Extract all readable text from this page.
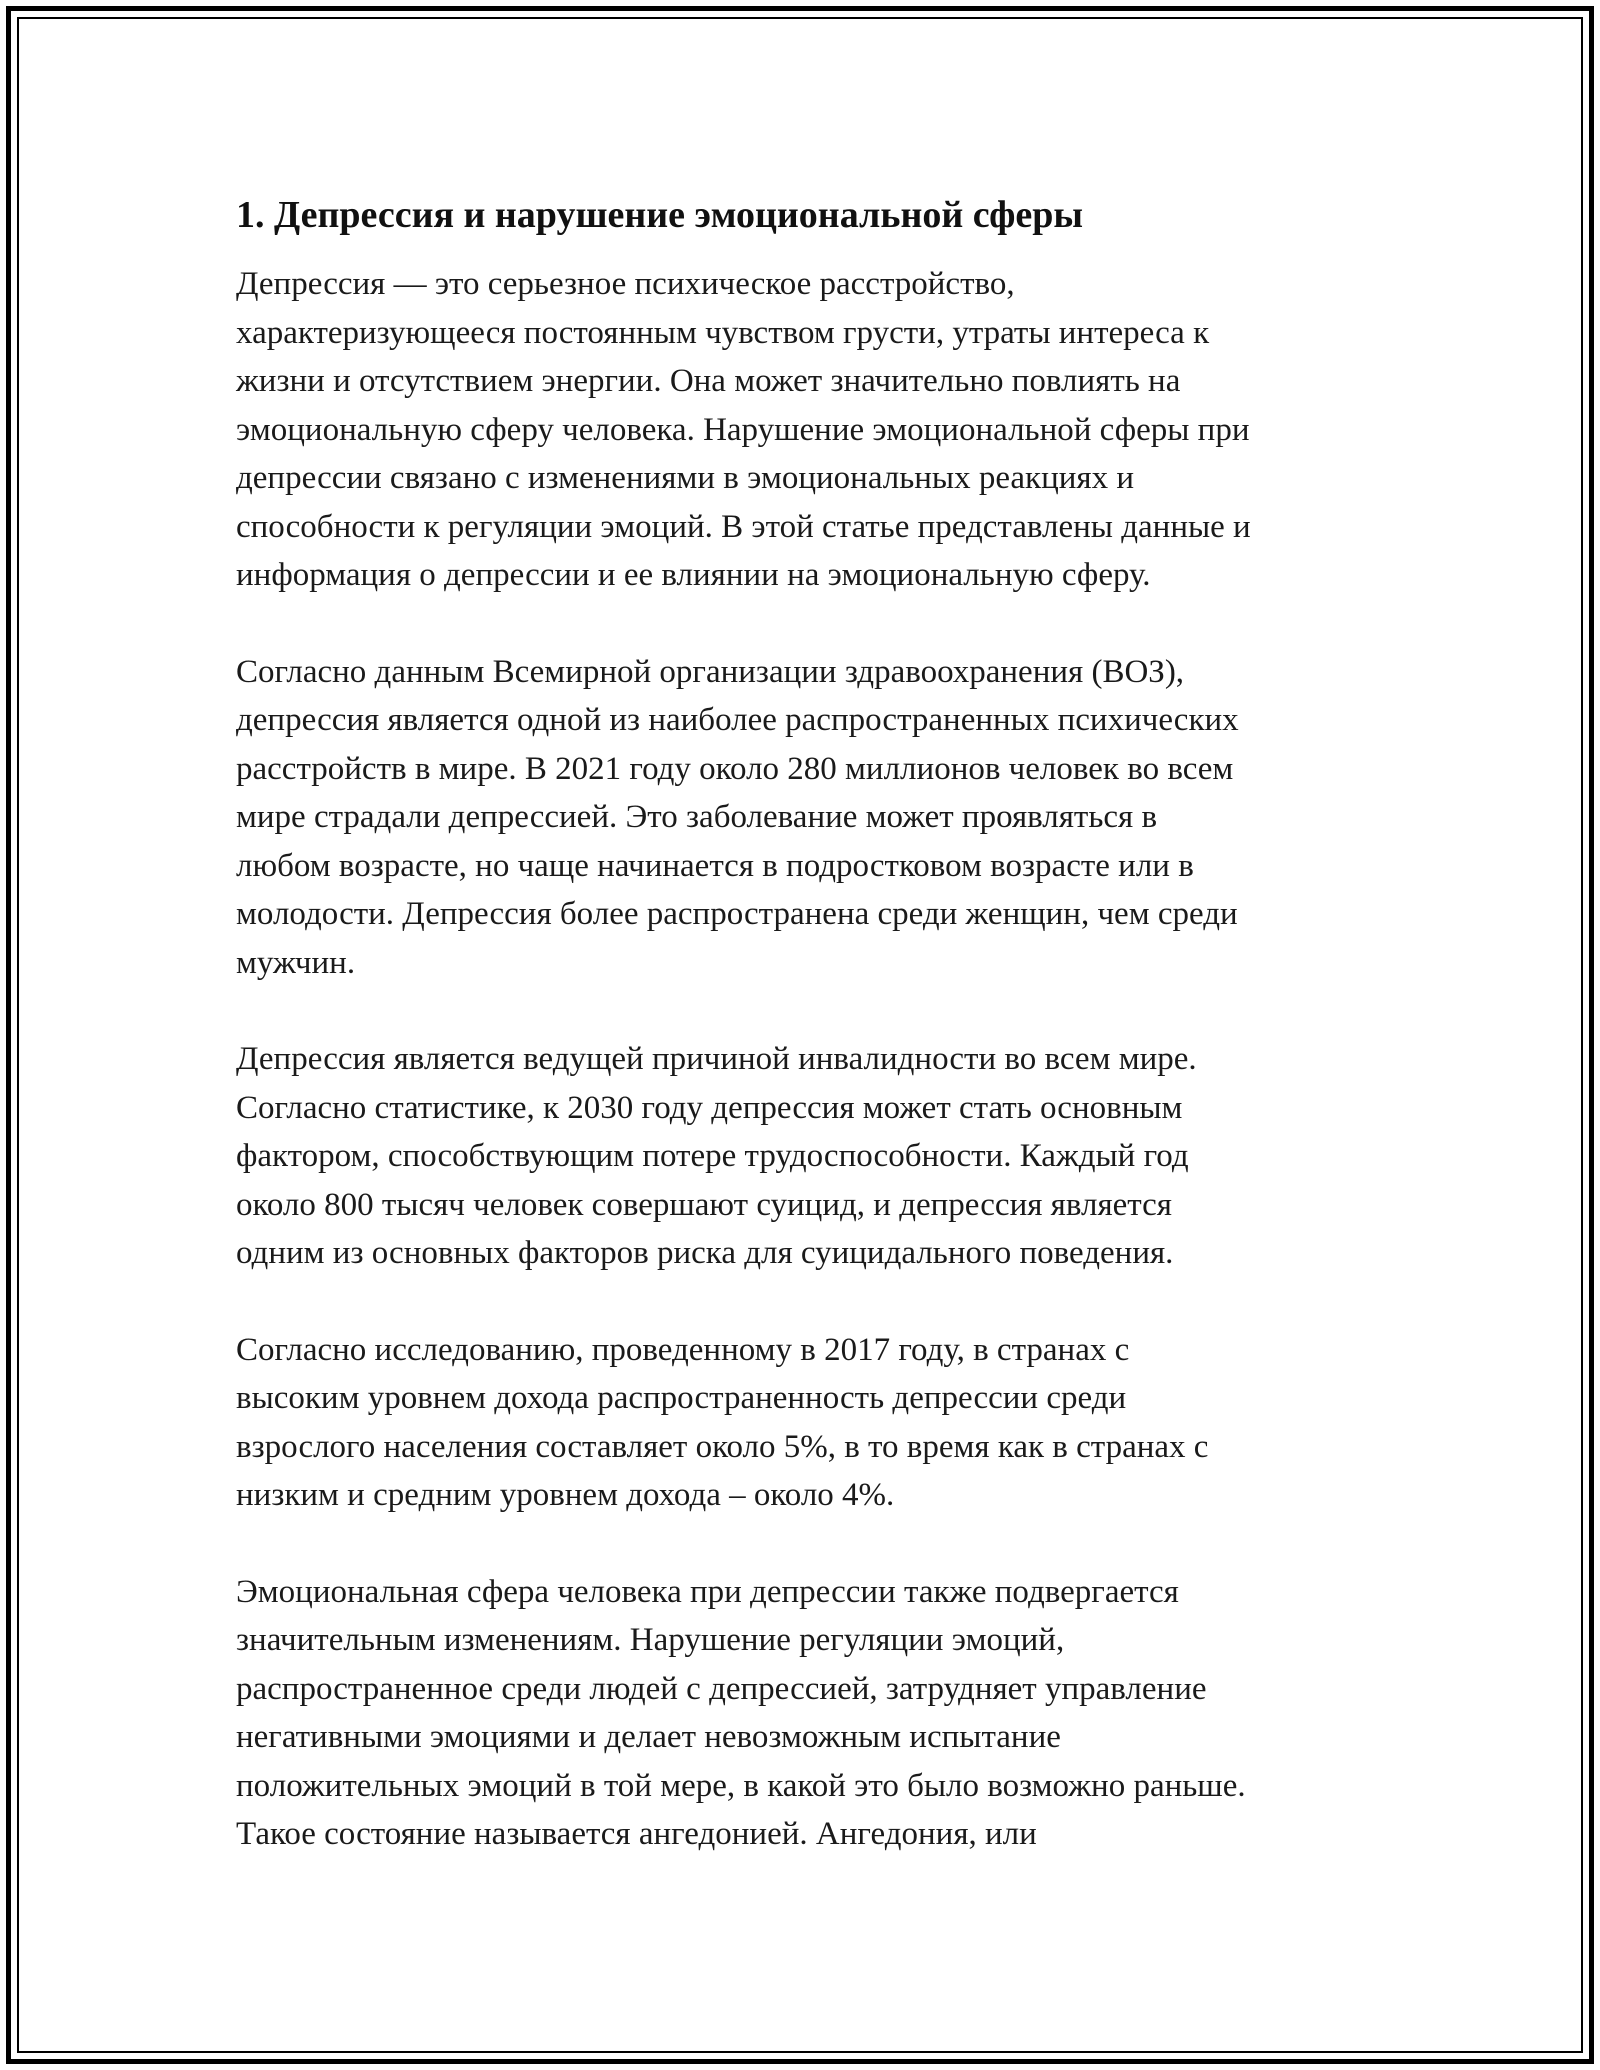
1. Депрессия и нарушение эмоциональной сферы
Депрессия — это серьезное психическое расстройство,
характеризующееся постоянным чувством грусти, утраты интереса к
жизни и отсутствием энергии. Она может значительно повлиять на
эмоциональную сферу человека. Нарушение эмоциональной сферы при
депрессии связано с изменениями в эмоциональных реакциях и
способности к регуляции эмоций. В этой статье представлены данные и
информация о депрессии и ее влиянии на эмоциональную сферу.
Согласно данным Всемирной организации здравоохранения (ВОЗ),
депрессия является одной из наиболее распространенных психических
расстройств в мире. В 2021 году около 280 миллионов человек во всем
мире страдали депрессией. Это заболевание может проявляться в
любом возрасте, но чаще начинается в подростковом возрасте или в
молодости. Депрессия более распространена среди женщин, чем среди
мужчин.
Депрессия является ведущей причиной инвалидности во всем мире.
Согласно статистике, к 2030 году депрессия может стать основным
фактором, способствующим потере трудоспособности. Каждый год
около 800 тысяч человек совершают суицид, и депрессия является
одним из основных факторов риска для суицидального поведения.
Согласно исследованию, проведенному в 2017 году, в странах с
высоким уровнем дохода распространенность депрессии среди
взрослого населения составляет около 5%, в то время как в странах с
низким и средним уровнем дохода – около 4%.
Эмоциональная сфера человека при депрессии также подвергается
значительным изменениям. Нарушение регуляции эмоций,
распространенное среди людей с депрессией, затрудняет управление
негативными эмоциями и делает невозможным испытание
положительных эмоций в той мере, в какой это было возможно раньше.
Такое состояние называется ангедонией. Ангедония, или
